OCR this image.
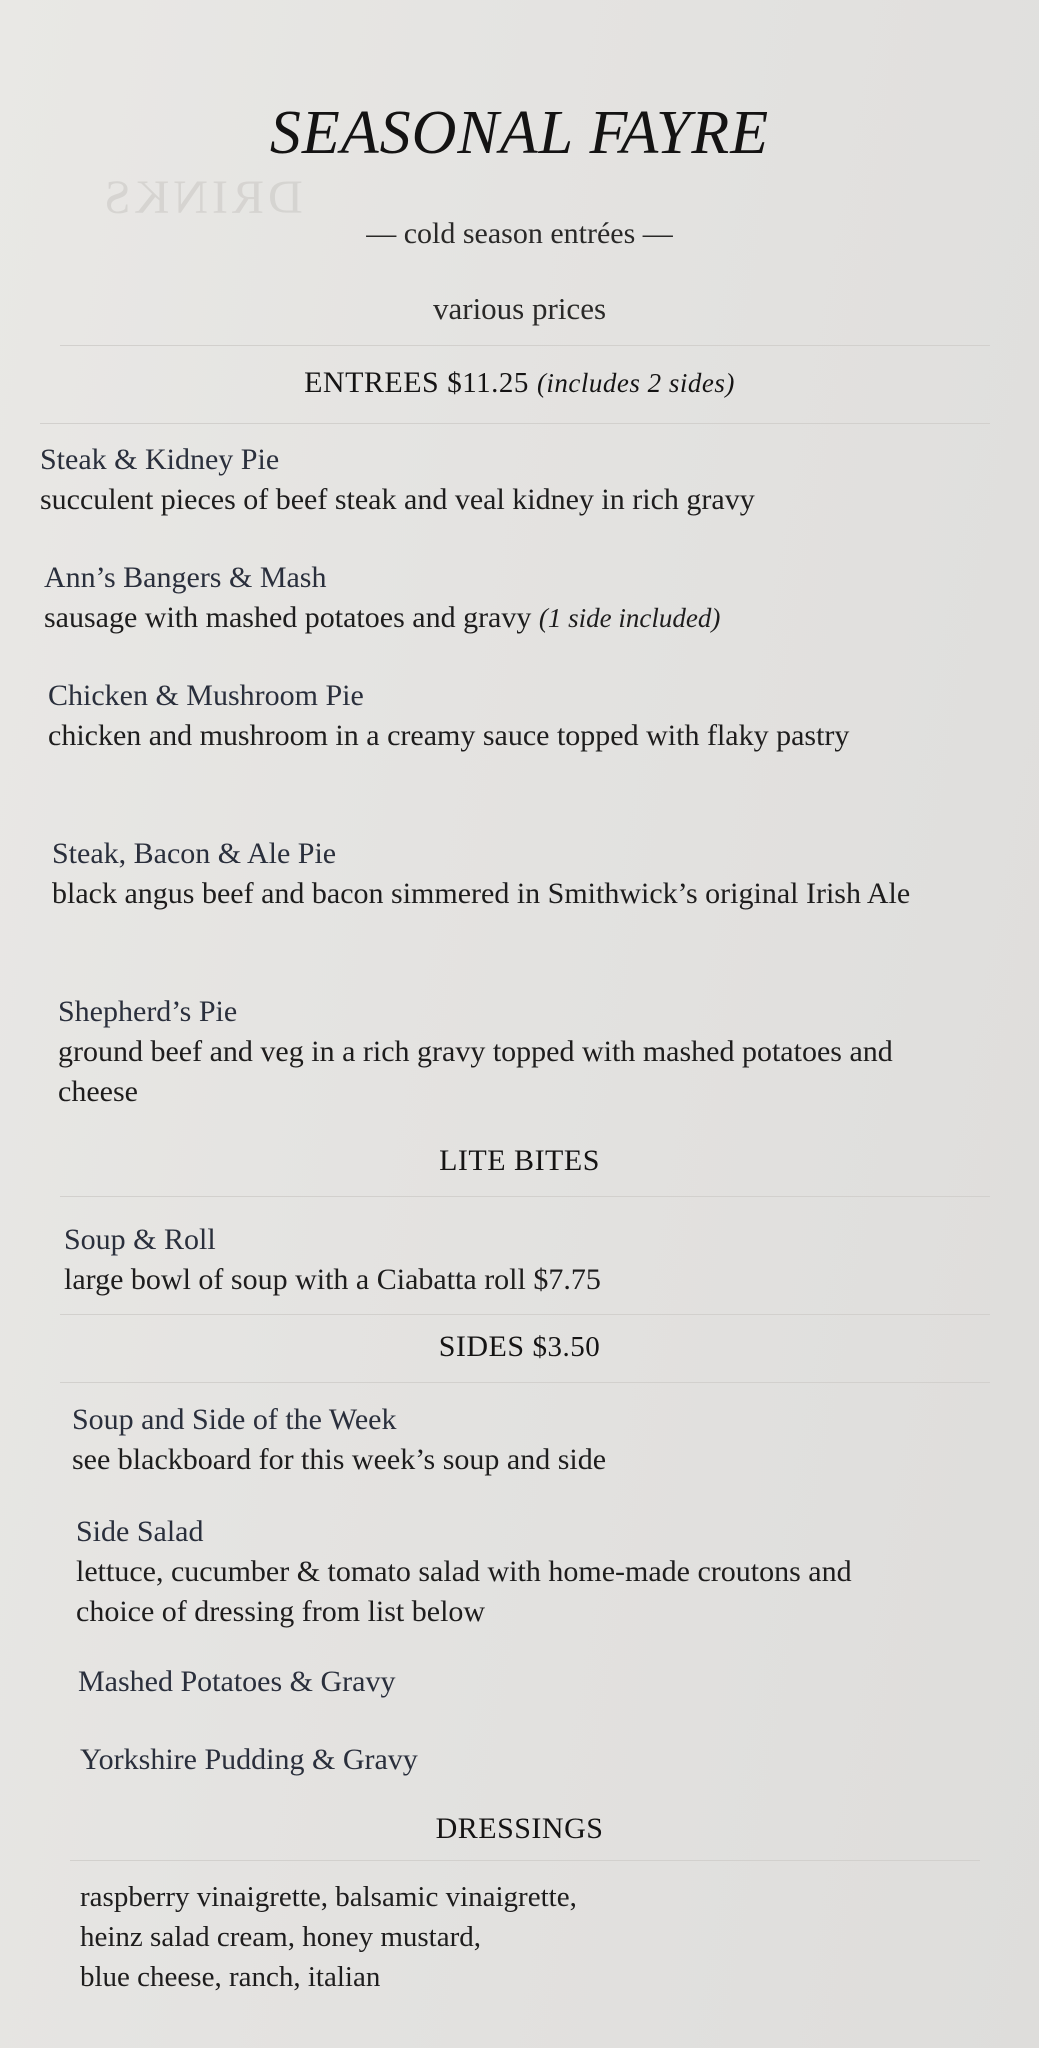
DRINKS
SEASONAL FAYRE
— cold season entrées —
various prices
ENTREES $11.25 (includes 2 sides)
Steak & Kidney Pie
succulent pieces of beef steak and veal kidney in rich gravy
Ann’s Bangers & Mash
sausage with mashed potatoes and gravy (1 side included)
Chicken & Mushroom Pie
chicken and mushroom in a creamy sauce topped with flaky pastry
Steak, Bacon & Ale Pie
black angus beef and bacon simmered in Smithwick’s original Irish Ale
Shepherd’s Pie
ground beef and veg in a rich gravy topped with mashed potatoes and cheese
LITE BITES
Soup & Roll
large bowl of soup with a Ciabatta roll $7.75
SIDES $3.50
Soup and Side of the Week
see blackboard for this week’s soup and side
Side Salad
lettuce, cucumber & tomato salad with home-made croutons and choice of dressing from list below
Mashed Potatoes & Gravy
Yorkshire Pudding & Gravy
DRESSINGS
raspberry vinaigrette, balsamic vinaigrette,
heinz salad cream, honey mustard,
blue cheese, ranch, italian
